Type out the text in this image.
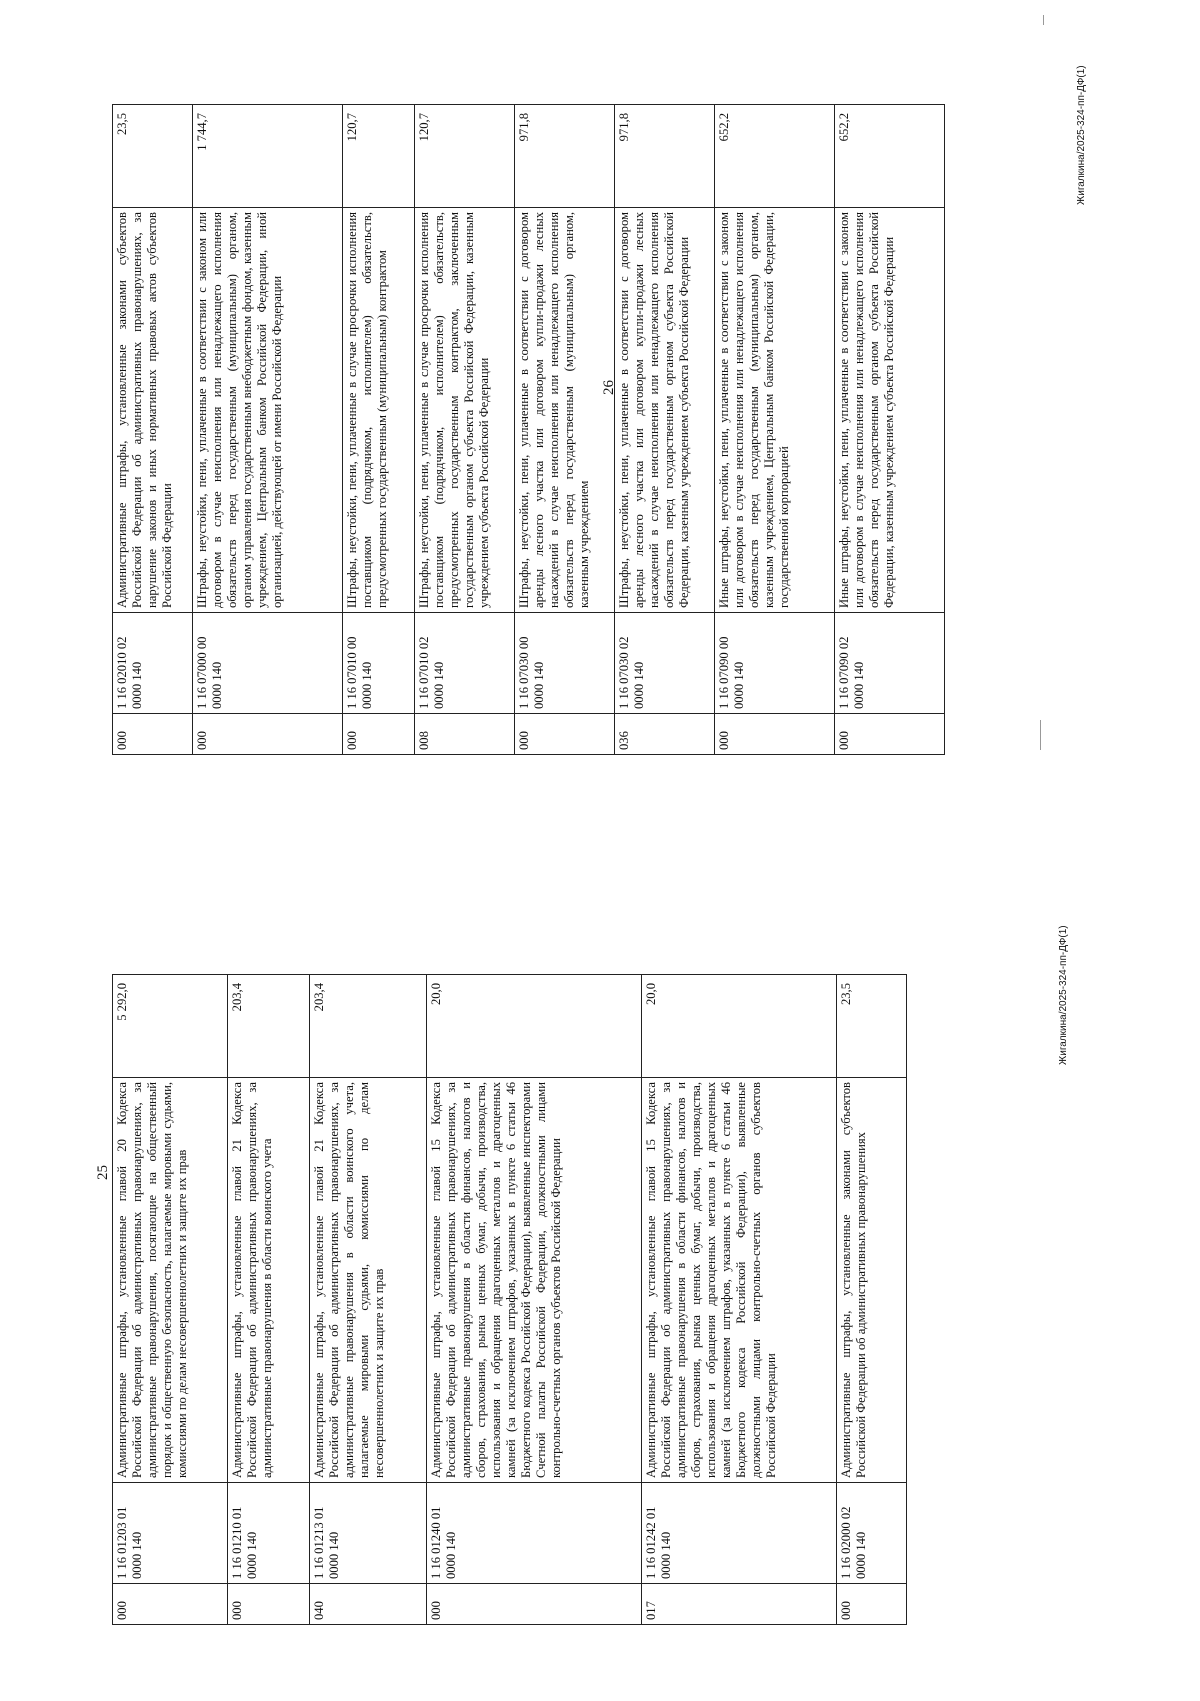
000	1 16 02010 02 0000 140	Административные штрафы, установленные законами субъектов Российской Федерации об административных правонарушениях, за нарушение законов и иных нормативных правовых актов субъектов Российской Федерации	23,5
000	1 16 07000 00 0000 140	Штрафы, неустойки, пени, уплаченные в соответствии с законом или договором в случае неисполнения или ненадлежащего исполнения обязательств перед государственным (муниципальным) органом, органом управления государственным внебюджетным фондом, казенным учреждением, Центральным банком Российской Федерации, иной организацией, действующей от имени Российской Федерации	1 744,7
000	1 16 07010 00 0000 140	Штрафы, неустойки, пени, уплаченные в случае просрочки исполнения поставщиком (подрядчиком, исполнителем) обязательств, предусмотренных государственным (муниципальным) контрактом	120,7
008	1 16 07010 02 0000 140	Штрафы, неустойки, пени, уплаченные в случае просрочки исполнения поставщиком (подрядчиком, исполнителем) обязательств, предусмотренных государственным контрактом, заключенным государственным органом субъекта Российской Федерации, казенным учреждением субъекта Российской Федерации	120,7
000	1 16 07030 00 0000 140	Штрафы, неустойки, пени, уплаченные в соответствии с договором аренды лесного участка или договором купли-продажи лесных насаждений в случае неисполнения или ненадлежащего исполнения обязательств перед государственным (муниципальным) органом, казенным учреждением	971,8
036	1 16 07030 02 0000 140	Штрафы, неустойки, пени, уплаченные в соответствии с договором аренды лесного участка или договором купли-продажи лесных насаждений в случае неисполнения или ненадлежащего исполнения обязательств перед государственным органом субъекта Российской Федерации, казенным учреждением субъекта Российской Федерации	971,8
000	1 16 07090 00 0000 140	Иные штрафы, неустойки, пени, уплаченные в соответствии с законом или договором в случае неисполнения или ненадлежащего исполнения обязательств перед государственным (муниципальным) органом, казенным учреждением, Центральным банком Российской Федерации, государственной корпорацией	652,2
000	1 16 07090 02 0000 140	Иные штрафы, неустойки, пени, уплаченные в соответствии с законом или договором в случае неисполнения или ненадлежащего исполнения обязательств перед государственным органом субъекта Российской Федерации, казенным учреждением субъекта Российской Федерации	652,2
26
Жигалкина/2025-324-пп-ДФ(1)
000	1 16 01203 01 0000 140	Административные штрафы, установленные главой 20 Кодекса Российской Федерации об административных правонарушениях, за административные правонарушения, посягающие на общественный порядок и общественную безопасность, налагаемые мировыми судьями, комиссиями по делам несовершеннолетних и защите их прав	5 292,0
000	1 16 01210 01 0000 140	Административные штрафы, установленные главой 21 Кодекса Российской Федерации об административных правонарушениях, за административные правонарушения в области воинского учета	203,4
040	1 16 01213 01 0000 140	Административные штрафы, установленные главой 21 Кодекса Российской Федерации об административных правонарушениях, за административные правонарушения в области воинского учета, налагаемые мировыми судьями, комиссиями по делам несовершеннолетних и защите их прав	203,4
000	1 16 01240 01 0000 140	Административные штрафы, установленные главой 15 Кодекса Российской Федерации об административных правонарушениях, за административные правонарушения в области финансов, налогов и сборов, страхования, рынка ценных бумаг, добычи, производства, использования и обращения драгоценных металлов и драгоценных камней (за исключением штрафов, указанных в пункте 6 статьи 46 Бюджетного кодекса Российской Федерации), выявленные инспекторами Счетной палаты Российской Федерации, должностными лицами контрольно-счетных органов субъектов Российской Федерации	20,0
017	1 16 01242 01 0000 140	Административные штрафы, установленные главой 15 Кодекса Российской Федерации об административных правонарушениях, за административные правонарушения в области финансов, налогов и сборов, страхования, рынка ценных бумаг, добычи, производства, использования и обращения драгоценных металлов и драгоценных камней (за исключением штрафов, указанных в пункте 6 статьи 46 Бюджетного кодекса Российской Федерации), выявленные должностными лицами контрольно-счетных органов субъектов Российской Федерации	20,0
000	1 16 02000 02 0000 140	Административные штрафы, установленные законами субъектов Российской Федерации об административных правонарушениях	23,5
25
Жигалкина/2025-324-пп-ДФ(1)
